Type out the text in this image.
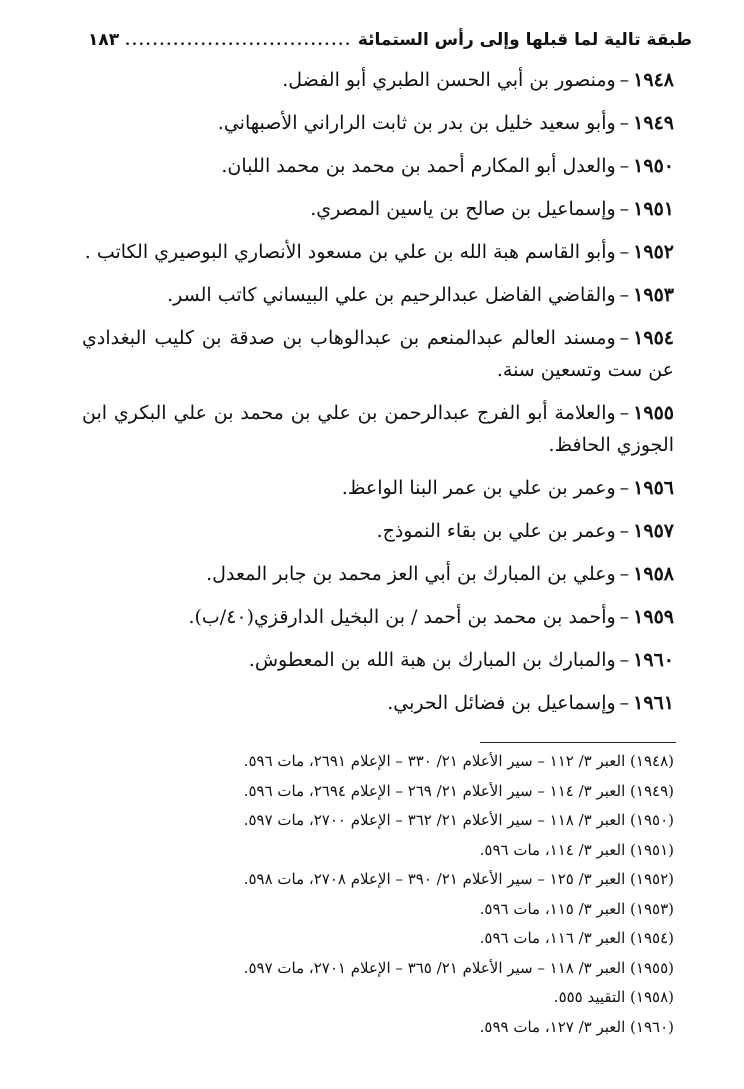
طبقة تالية لما قبلها وإلى رأس الستمائة
.....
١٨٣
١٩٤٨–ومنصور بن أبي الحسن الطبري أبو الفضل.
١٩٤٩–وأبو سعيد خليل بن بدر بن ثابت الراراني الأصبهاني.
١٩٥٠–والعدل أبو المكارم أحمد بن محمد بن محمد اللبان.
١٩٥١–وإسماعيل بن صالح بن ياسين المصري.
١٩٥٢–وأبو القاسم هبة الله بن علي بن مسعود الأنصاري البوصيري الكاتب .
١٩٥٣–والقاضي الفاضل عبدالرحيم بن علي البيساني كاتب السر.
١٩٥٤–ومسند العالم عبدالمنعم بن عبدالوهاب بن صدقة بن كليب البغدادي عن ست وتسعين سنة.
١٩٥٥–والعلامة أبو الفرج عبدالرحمن بن علي بن محمد بن علي البكري ابن الجوزي الحافظ.
١٩٥٦–وعمر بن علي بن عمر البنا الواعظ.
١٩٥٧–وعمر بن علي بن بقاء النموذج.
١٩٥٨–وعلي بن المبارك بن أبي العز محمد بن جابر المعدل.
١٩٥٩–وأحمد بن محمد بن أحمد / بن البخيل الدارقزي(٤٠/ب).
١٩٦٠–والمبارك بن المبارك بن هبة الله بن المعطوش.
١٩٦١–وإسماعيل بن فضائل الحربي.
(١٩٤٨) العبر ٣/ ١١٢ – سير الأعلام ٢١/ ٣٣٠ – الإعلام ٢٦٩١، مات ٥٩٦.
(١٩٤٩) العبر ٣/ ١١٤ – سير الأعلام ٢١/ ٢٦٩ – الإعلام ٢٦٩٤، مات ٥٩٦.
(١٩٥٠) العبر ٣/ ١١٨ – سير الأعلام ٢١/ ٣٦٢ – الإعلام ٢٧٠٠، مات ٥٩٧.
(١٩٥١) العبر ٣/ ١١٤، مات ٥٩٦.
(١٩٥٢) العبر ٣/ ١٢٥ – سير الأعلام ٢١/ ٣٩٠ – الإعلام ٢٧٠٨، مات ٥٩٨.
(١٩٥٣) العبر ٣/ ١١٥، مات ٥٩٦.
(١٩٥٤) العبر ٣/ ١١٦، مات ٥٩٦.
(١٩٥٥) العبر ٣/ ١١٨ – سير الأعلام ٢١/ ٣٦٥ – الإعلام ٢٧٠١، مات ٥٩٧.
(١٩٥٨) التقييد ٥٥٥.
(١٩٦٠) العبر ٣/ ١٢٧، مات ٥٩٩.
